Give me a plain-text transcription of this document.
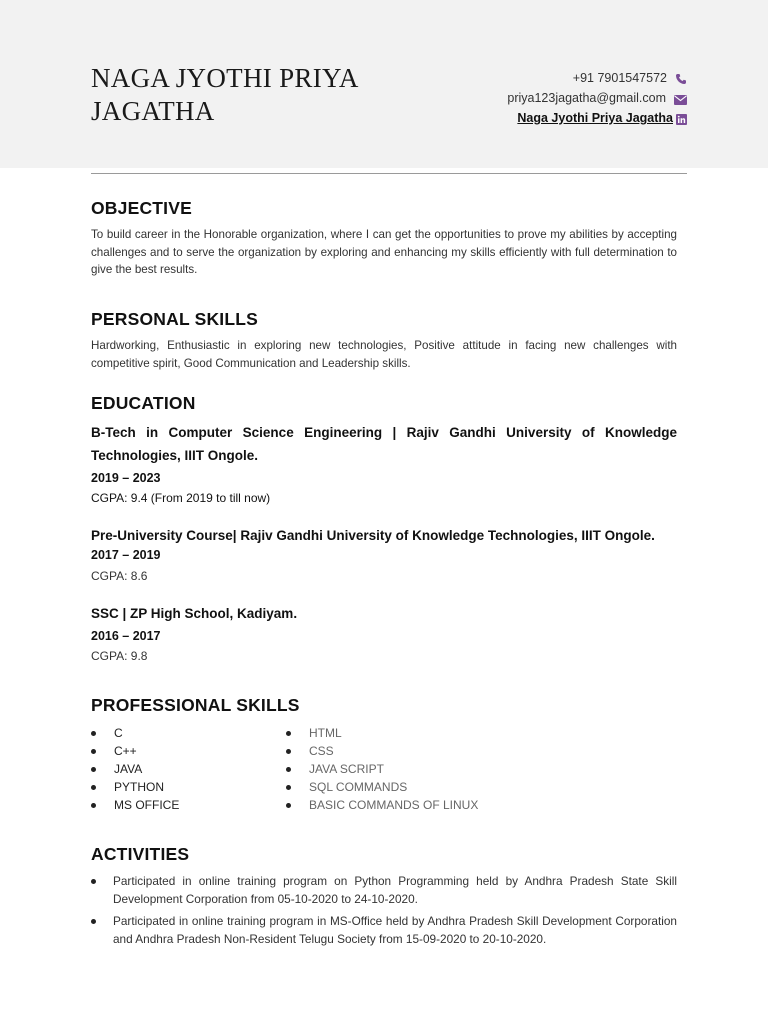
NAGA JYOTHI PRIYA
JAGATHA
+91 7901547572
priya123jagatha@gmail.com
Naga Jyothi Priya Jagatha
OBJECTIVE

To build career in the Honorable organization, where I can get the opportunities to prove my abilities by accepting challenges and to serve the organization by exploring and enhancing my skills efficiently with full determination to give the best results.

PERSONAL SKILLS

Hardworking, Enthusiastic in exploring new technologies, Positive attitude in facing new challenges with competitive spirit, Good Communication and Leadership skills.

EDUCATION

B-Tech in Computer Science Engineering | Rajiv Gandhi University of Knowledge Technologies, IIIT Ongole.

2019 – 2023

CGPA: 9.4 (From 2019 to till now)

Pre-University Course| Rajiv Gandhi University of Knowledge Technologies, IIIT Ongole.

2017 – 2019

CGPA: 8.6

SSC | ZP High School, Kadiyam.

2016 – 2017

CGPA: 9.8

PROFESSIONAL SKILLS
C
C++
JAVA
PYTHON
MS OFFICE
HTML
CSS
JAVA SCRIPT
SQL COMMANDS
BASIC COMMANDS OF LINUX
ACTIVITIES
Participated in online training program on Python Programming held by Andhra Pradesh State Skill Development Corporation from 05-10-2020 to 24-10-2020.
Participated in online training program in MS-Office held by Andhra Pradesh Skill Development Corporation and Andhra Pradesh Non-Resident Telugu Society from 15-09-2020 to 20-10-2020.
